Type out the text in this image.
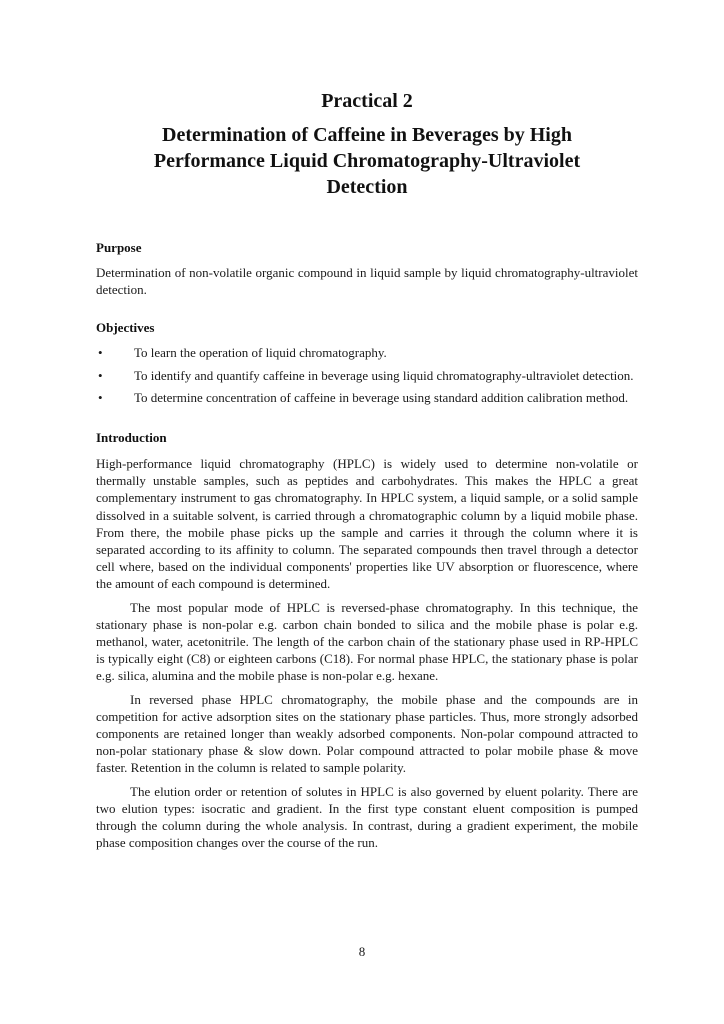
Practical 2
Determination of Caffeine in Beverages by High
Performance Liquid Chromatography-Ultraviolet
Detection
Purpose

Determination of non-volatile organic compound in liquid sample by liquid chromatography-ultraviolet detection.

Objectives
• To learn the operation of liquid chromatography.
• To identify and quantify caffeine in beverage using liquid chromatography-ultraviolet detection.
• To determine concentration of caffeine in beverage using standard addition calibration method.
Introduction

High-performance liquid chromatography (HPLC) is widely used to determine non-volatile or thermally unstable samples, such as peptides and carbohydrates. This makes the HPLC a great complementary instrument to gas chromatography. In HPLC system, a liquid sample, or a solid sample dissolved in a suitable solvent, is carried through a chromatographic column by a liquid mobile phase. From there, the mobile phase picks up the sample and carries it through the column where it is separated according to its affinity to column. The separated compounds then travel through a detector cell where, based on the individual components' properties like UV absorption or fluorescence, where the amount of each compound is determined.

The most popular mode of HPLC is reversed-phase chromatography. In this technique, the stationary phase is non-polar e.g. carbon chain bonded to silica and the mobile phase is polar e.g. methanol, water, acetonitrile. The length of the carbon chain of the stationary phase used in RP-HPLC is typically eight (C8) or eighteen carbons (C18). For normal phase HPLC, the stationary phase is polar e.g. silica, alumina and the mobile phase is non-polar e.g. hexane.

In reversed phase HPLC chromatography, the mobile phase and the compounds are in competition for active adsorption sites on the stationary phase particles. Thus, more strongly adsorbed components are retained longer than weakly adsorbed components. Non-polar compound attracted to non-polar stationary phase & slow down. Polar compound attracted to polar mobile phase & move faster. Retention in the column is related to sample polarity.

The elution order or retention of solutes in HPLC is also governed by eluent polarity. There are two elution types: isocratic and gradient. In the first type constant eluent composition is pumped through the column during the whole analysis. In contrast, during a gradient experiment, the mobile phase composition changes over the course of the run.

8
